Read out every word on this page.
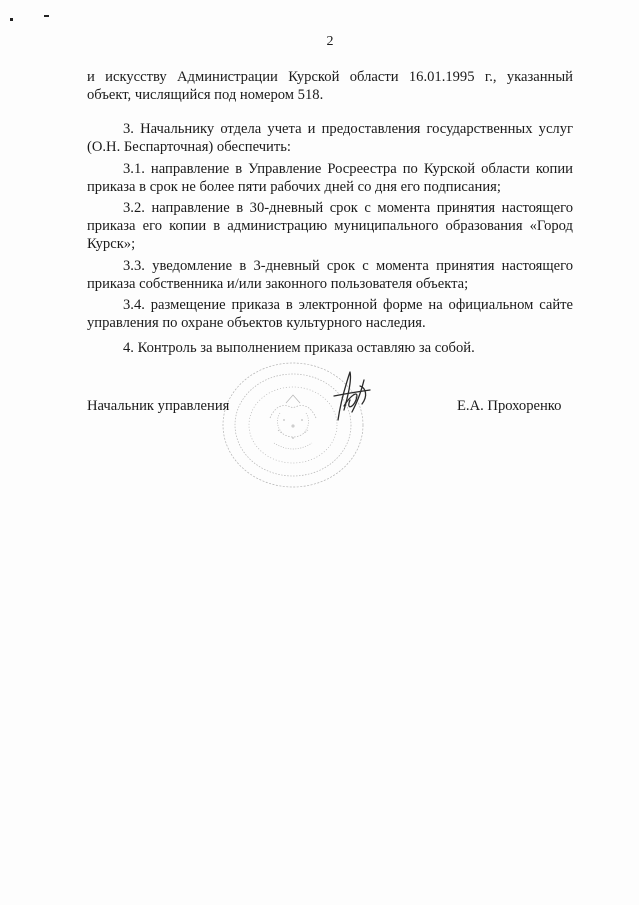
2

и искусству Администрации Курской области 16.01.1995 г., указанный объект, числящийся под номером 518.

3. Начальнику отдела учета и предоставления государственных услуг (О.Н. Беспарточная) обеспечить:

3.1. направление в Управление Росреестра по Курской области копии приказа в срок не более пяти рабочих дней со дня его подписания;

3.2. направление в 30-дневный срок с момента принятия настоящего приказа его копии в администрацию муниципального образования «Город Курск»;

3.3. уведомление в 3-дневный срок с момента принятия настоящего приказа собственника и/или законного пользователя объекта;

3.4. размещение приказа в электронной форме на официальном сайте управления по охране объектов культурного наследия.

4. Контроль за выполнением приказа оставляю за собой.

Начальник управления	Е.А. Прохоренко
